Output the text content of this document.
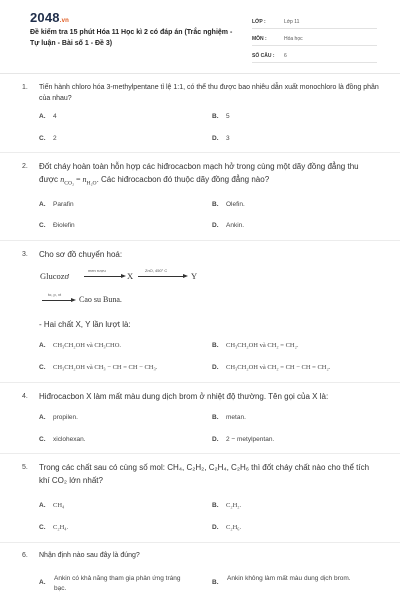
2048.vn
Đề kiểm tra 15 phút Hóa 11 Học kì 2 có đáp án (Trắc nghiệm - Tự luận - Bài số 1 - Đề 3)
LỚP :	Lớp 11
MÔN :	Hóa học
SỐ CÂU :	6
1.	Tiến hành chloro hóa 3-methylpentane tỉ lệ 1:1, có thể thu được bao nhiêu dẫn xuất monochloro là đồng phân của nhau?
A. 4	B. 5
C. 2	D. 3
2.	Đốt cháy hoàn toàn hỗn hợp các hiđrocacbon mạch hở trong cùng một dãy đồng đẳng thu được $n_{CO_2} = n_{H_2O}$. Các hiđrocacbon đó thuộc dãy đồng đẳng nào?
A. Parafin	B. Olefin.
C. Điolefin	D. Ankin.
3.	Cho sơ đồ chuyển hoá:
Glucozơ
men rượu
X
ZnO, 450° C
Y
to, p, xt
Cao su Buna.
- Hai chất X, Y lần lượt là:
A. CH₃CH₂OH và CH₃CHO.	B. CH₃CH₂OH và CH₂ = CH₂.
C. CH₃CH₂OH và CH₃ − CH = CH − CH₃.	D. CH₃CH₂OH và CH₂ = CH − CH = CH₂.
4.	Hiđrocacbon X làm mất màu dung dịch brom ở nhiệt độ thường. Tên gọi của X là:
A. propilen.	B. metan.
C. xiclohexan.	D. 2 − metylpentan.
5.	Trong các chất sau có cùng số mol: CH₄, C₂H₂, C₂H₄, C₂H₆ thì đốt cháy chất nào cho thể tích khí CO₂ lớn nhất?
A. CH₄	B. C₂H₂.
C. C₂H₄.	D. C₂H₆.
6.	Nhận định nào sau đây là đúng?
A.
Ankin có khả năng tham gia phản ứng tráng bạc.
B.
Ankin không làm mất màu dung dịch brom.
